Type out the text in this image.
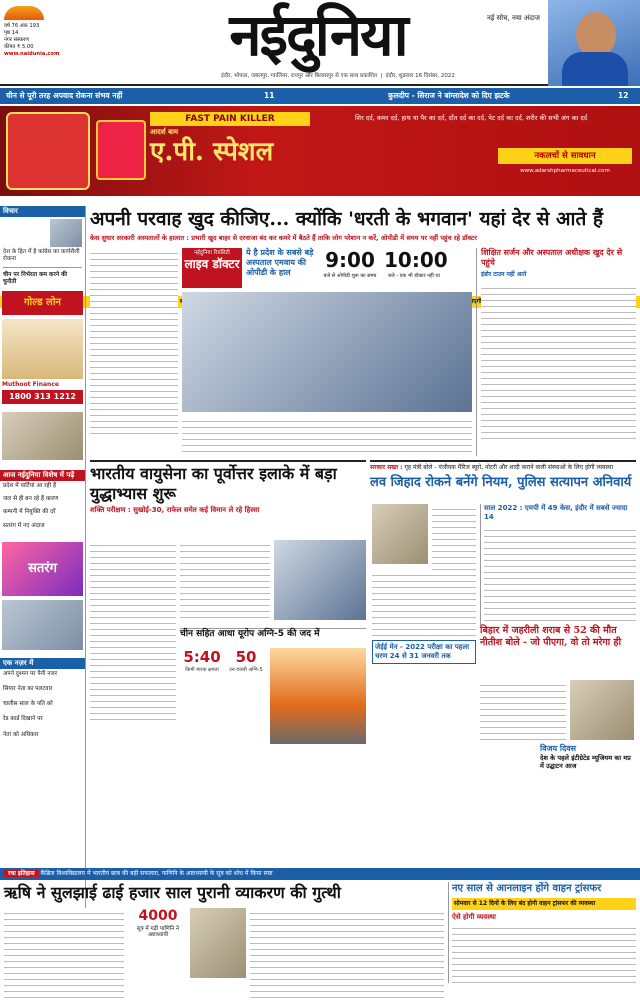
वर्ष 76 अंक 193
पृष्ठ 14
नगर संस्करण
कीमत ₹ 5.00
www.naidunia.com	नईदुनिया	नई सोच, नया अंदाज
इंदौर, भोपाल, जबलपुर, ग्वालियर, रायपुर और बिलासपुर से एक साथ प्रकाशित  |  इंदौर, शुक्रवार 16 दिसंबर, 2022
चीन से पूरी तरह अपवाद रोकना संभव नहीं	11	कुलदीप - सिराज ने बांग्लादेश को दिए झटके	12
FAST PAIN KILLER
आदर्श बाम
ए.पी. स्पेशल
सिर दर्द, कमर दर्द, हाथ या पैर का दर्द, दाँत दर्द का दर्द, पेट दर्द का दर्द, शरीर की सभी अंग का दर्द
नकलचों से सावधान
www.adarshpharmaceutical.com
जाएगी
विचार
देश के हित में है कांग्रेस का कार्यशैली रोकना
चीन पर निर्भरता कम करने की चुनौती
गोल्ड लोन
Muthoot Finance
1800 313 1212
आज नईदुनिया विशेष में पढ़ें
प्रदेश में पार्टियां आ रही हैं
जल से ही बन रहे हैं कारण
कम्पनी में नियुक्ति की दरें
सतरंग में नए अंदाज
सतरंग
एक नज़र में
अपने दुश्मन पर पैनी नजर
सियार नेता का पलटवार
चालीस साल के पति को
रेड कार्ड दिखाने पर
नेता को अधिकार
अपनी परवाह खुद कीजिए... क्योंकि 'धरती के भगवान' यहां देर से आते हैं
केस सुधार सरकारी अस्पतालों के हालात : प्रभारी खुद बाहर से दरवाजा बंद कर कमरे में बैठते हैं ताकि लोग परेशान न करें, ओपीडी में समय पर नहीं पहुंच रहे डॉक्टर
नईदुनिया रियलिटी
लाइव डॉक्टर
ये है प्रदेश के सबसे बड़े अस्पताल एमवाय की ओपीडी के हाल
9:00
बजे से ओपीडी शुरू का समय
10:00
बजे - एक भी डॉक्टर नहीं था
शिक्षित सर्जन और अस्पताल अधीक्षक खुद देर से पहुंचे
इंडोर टाउन नहीं आते
भारतीय वायुसेना का पूर्वोत्तर इलाके में बड़ा युद्धाभ्यास शुरू
शक्ति परीक्षण : सुखोई-30, राफेल समेत कई विमान ले रहे हिस्सा
चीन सहित आधा यूरोप अग्नि-5 की जद में
5:40
किमी मारक क्षमता
50
टन वजनी अग्नि-5
सरकार सख्त : गृह मंत्री बोले - पंजीयक मैरिज ब्यूरो, नोटरी और शादी कराने वाली संस्थाओं के लिए होगी व्यवस्था
लव जिहाद रोकने बनेंगे नियम, पुलिस सत्यापन अनिवार्य
साल 2022 : एमपी में 49 केस, इंदौर में सबसे ज्यादा 14
जेईई मेन - 2022 परीक्षा का पहला चरण 24 से 31 जनवरी तक
बिहार में जहरीली शराब से 52 की मौत नीतीश बोले - जो पीएगा, वो तो मरेगा ही
विजय दिवस
देश के पहले इंटीग्रेटेड म्यूजियम का मप्र में उद्घाटन आज
रचा इतिहास कैंब्रिज विश्वविद्यालय में भारतीय छात्र की बड़ी सफलता, पाणिनि के अष्टाध्यायी के सूत्र को शोध में किया स्पष्ट
ऋषि ने सुलझाई ढाई हजार साल पुरानी व्याकरण की गुत्थी
4000
सूत्र में गढ़ी पाणिनि ने अष्टाध्यायी
नए साल से आनलाइन होंगे वाहन ट्रांसफर
सोमवार से 12 दिनों के लिए बंद होगी वाहन ट्रांसफर की व्यवस्था
ऐसे होगी व्यवस्था
